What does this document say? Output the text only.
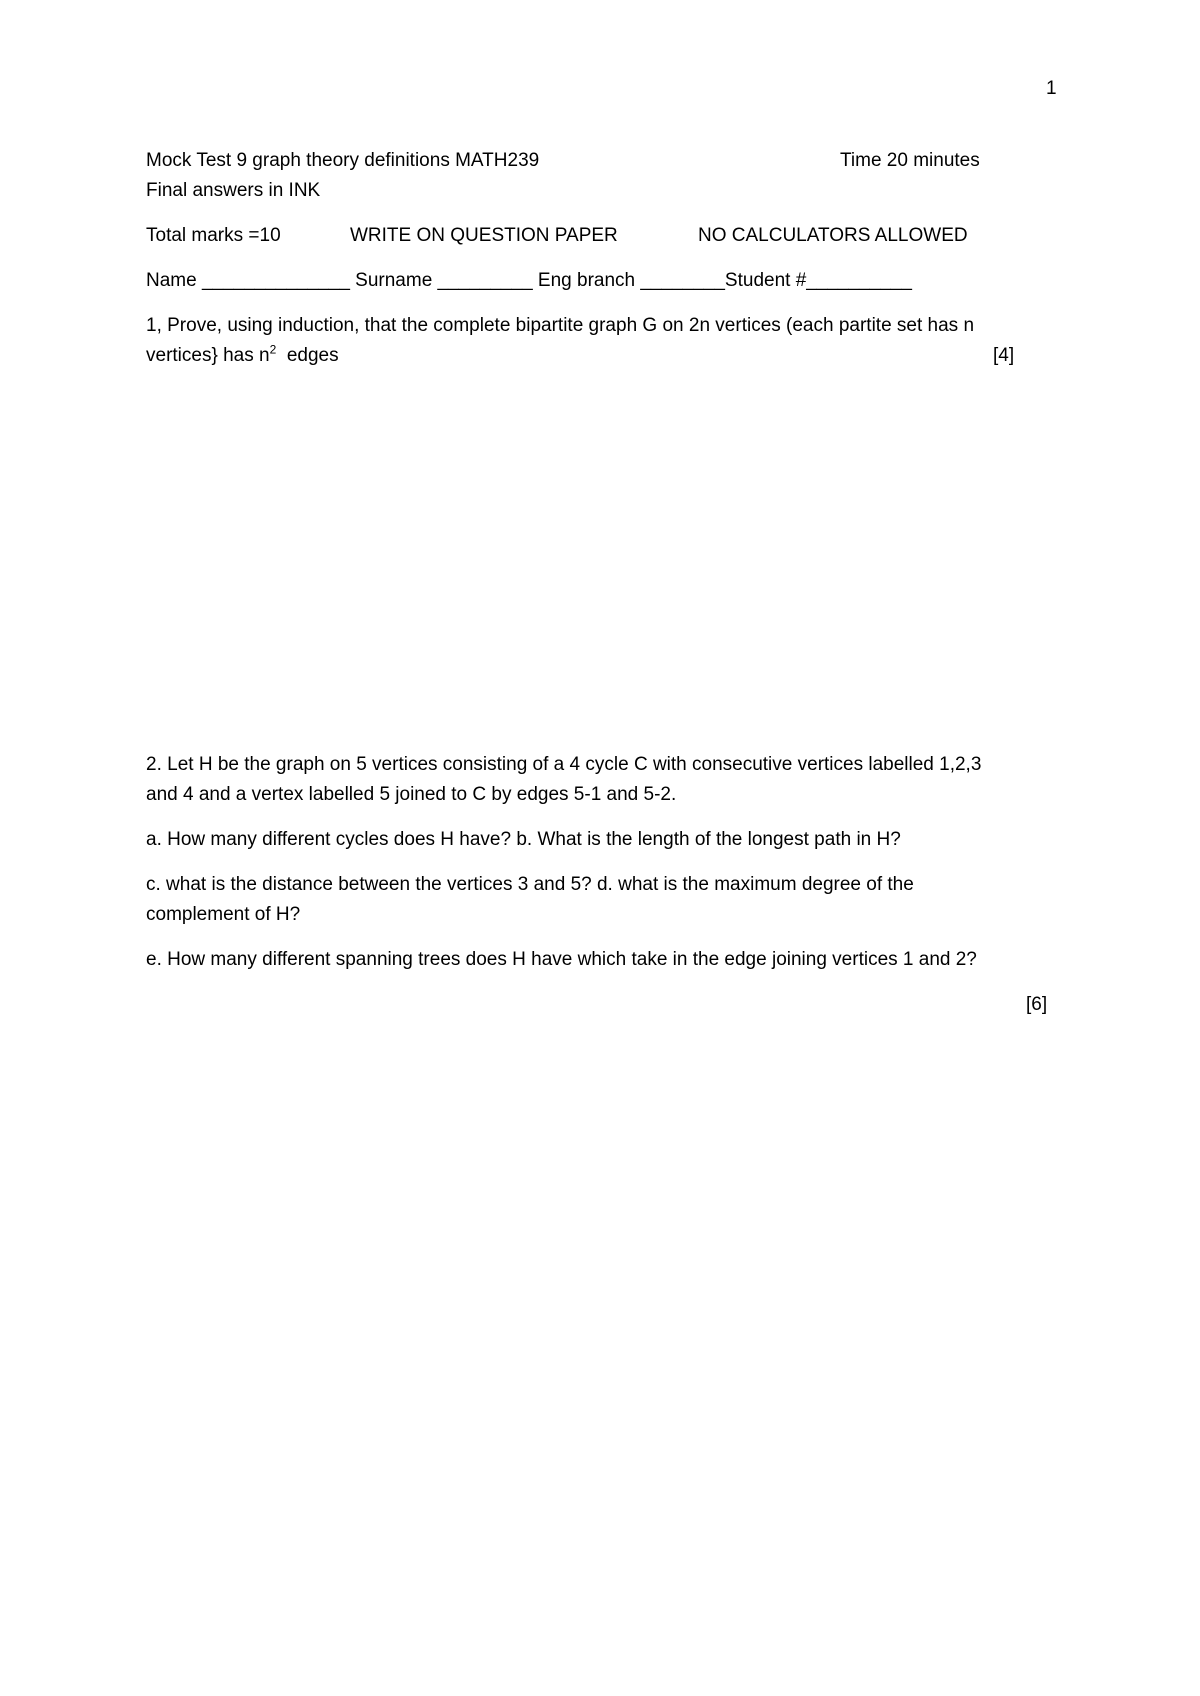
1
Mock Test 9 graph theory definitions MATH239	Time 20 minutes
Final answers in INK
Total marks =10	WRITE ON QUESTION PAPER	NO CALCULATORS ALLOWED
Name ______________ Surname _________ Eng branch ________Student #__________
1, Prove, using induction, that the complete bipartite graph G on 2n vertices (each partite set has n
vertices} has $n^2$  edges	[4]
2. Let H be the graph on 5 vertices consisting of a 4 cycle C with consecutive vertices labelled 1,2,3
and 4 and a vertex labelled 5 joined to C by edges 5-1 and 5-2.
a. How many different cycles does H have? b. What is the length of the longest path in H?
c. what is the distance between the vertices 3 and 5? d. what is the maximum degree of the
complement of H?
e. How many different spanning trees does H have which take in the edge joining vertices 1 and 2?
[6]
